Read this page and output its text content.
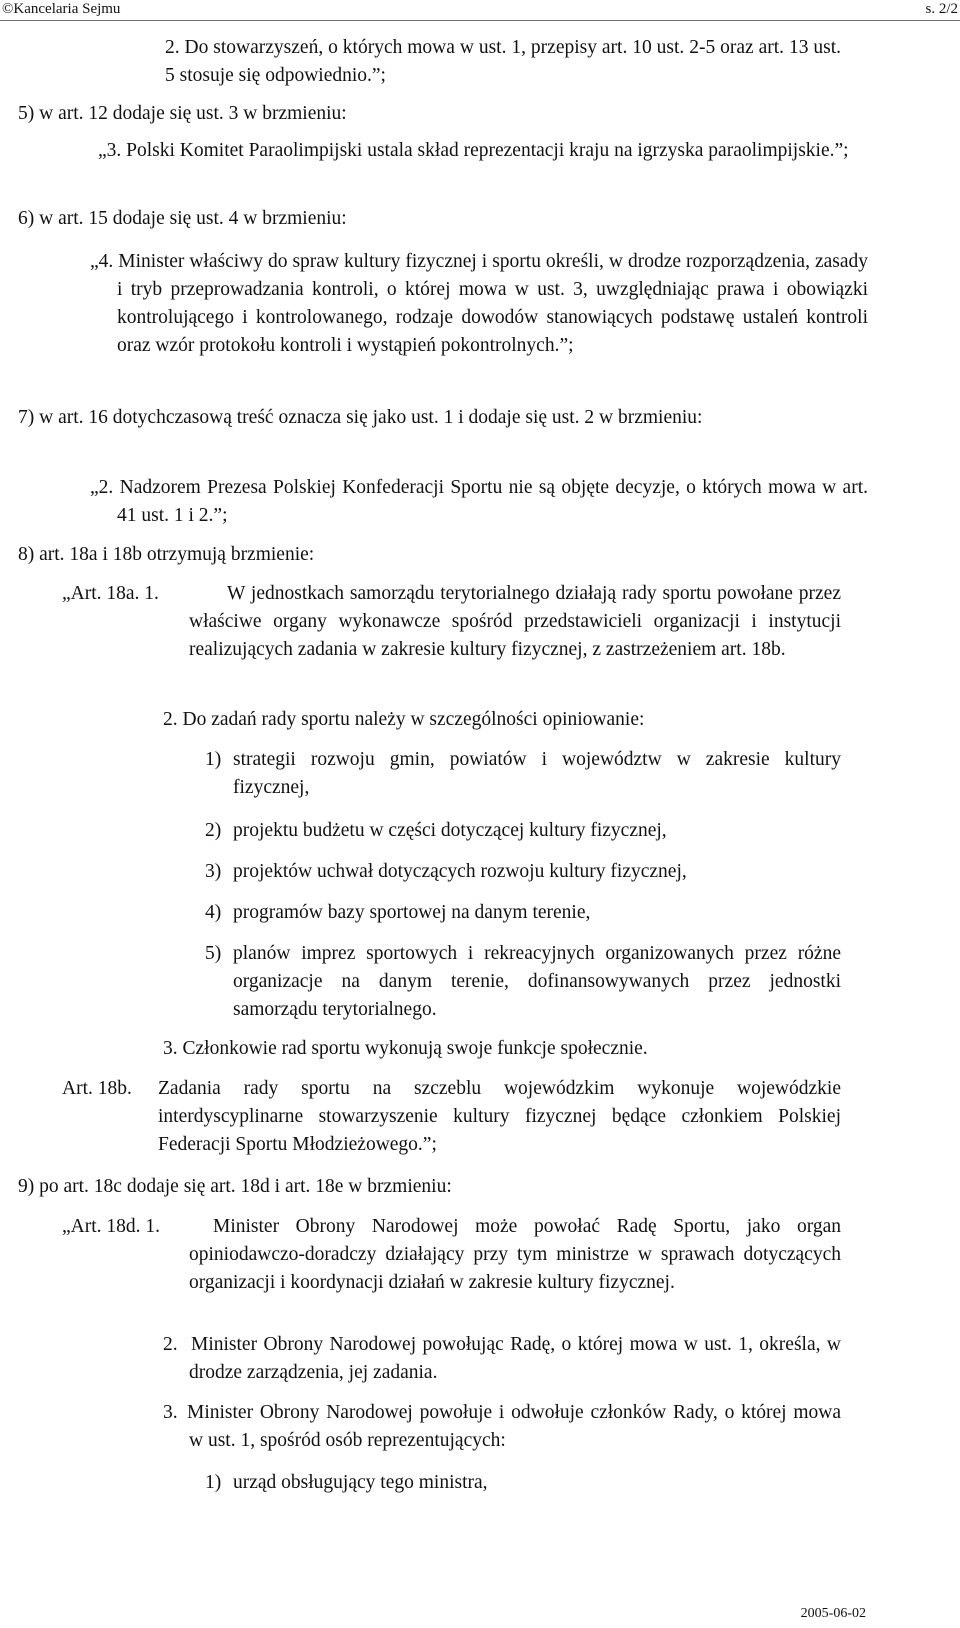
©Kancelaria Sejmu	s. 2/2

2. Do stowarzyszeń, o których mowa w ust. 1, przepisy art. 10 ust. 2-5 oraz art. 13 ust. 5 stosuje się odpowiednio.”;

5) w art. 12 dodaje się ust. 3 w brzmieniu:

„3. Polski Komitet Paraolimpijski ustala skład reprezentacji kraju na igrzyska paraolimpijskie.”;

6) w art. 15 dodaje się ust. 4 w brzmieniu:

„4. Minister właściwy do spraw kultury fizycznej i sportu określi, w drodze rozporządzenia, zasady i tryb przeprowadzania kontroli, o której mowa w ust. 3, uwzględniając prawa i obowiązki kontrolującego i kontrolowanego, rodzaje dowodów stanowiących podstawę ustaleń kontroli oraz wzór protokołu kontroli i wystąpień pokontrolnych.”;

7) w art. 16 dotychczasową treść oznacza się jako ust. 1 i dodaje się ust. 2 w brzmieniu:

„2. Nadzorem Prezesa Polskiej Konfederacji Sportu nie są objęte decyzje, o których mowa w art. 41 ust. 1 i 2.”;

8) art. 18a i 18b otrzymują brzmienie:

„Art. 18a. 1.	W jednostkach samorządu terytorialnego działają rady sportu powołane przez właściwe organy wykonawcze spośród przedstawicieli organizacji i instytucji realizujących zadania w zakresie kultury fizycznej, z zastrzeżeniem art. 18b.

2. Do zadań rady sportu należy w szczególności opiniowanie:

1) strategii rozwoju gmin, powiatów i województw w zakresie kultury fizycznej,

2) projektu budżetu w części dotyczącej kultury fizycznej,

3) projektów uchwał dotyczących rozwoju kultury fizycznej,

4) programów bazy sportowej na danym terenie,

5) planów imprez sportowych i rekreacyjnych organizowanych przez różne organizacje na danym terenie, dofinansowywanych przez jednostki samorządu terytorialnego.

3. Członkowie rad sportu wykonują swoje funkcje społecznie.

Art. 18b. Zadania rady sportu na szczeblu wojewódzkim wykonuje wojewódzkie interdyscyplinarne stowarzyszenie kultury fizycznej będące członkiem Polskiej Federacji Sportu Młodzieżowego.”;

9) po art. 18c dodaje się art. 18d i art. 18e w brzmieniu:

„Art. 18d. 1.	Minister Obrony Narodowej może powołać Radę Sportu, jako organ opiniodawczo-doradczy działający przy tym ministrze w sprawach dotyczących organizacji i koordynacji działań w zakresie kultury fizycznej.

2. Minister Obrony Narodowej powołując Radę, o której mowa w ust. 1, określa, w drodze zarządzenia, jej zadania.

3. Minister Obrony Narodowej powołuje i odwołuje członków Rady, o której mowa w ust. 1, spośród osób reprezentujących:

1) urząd obsługujący tego ministra,

2005-06-02
